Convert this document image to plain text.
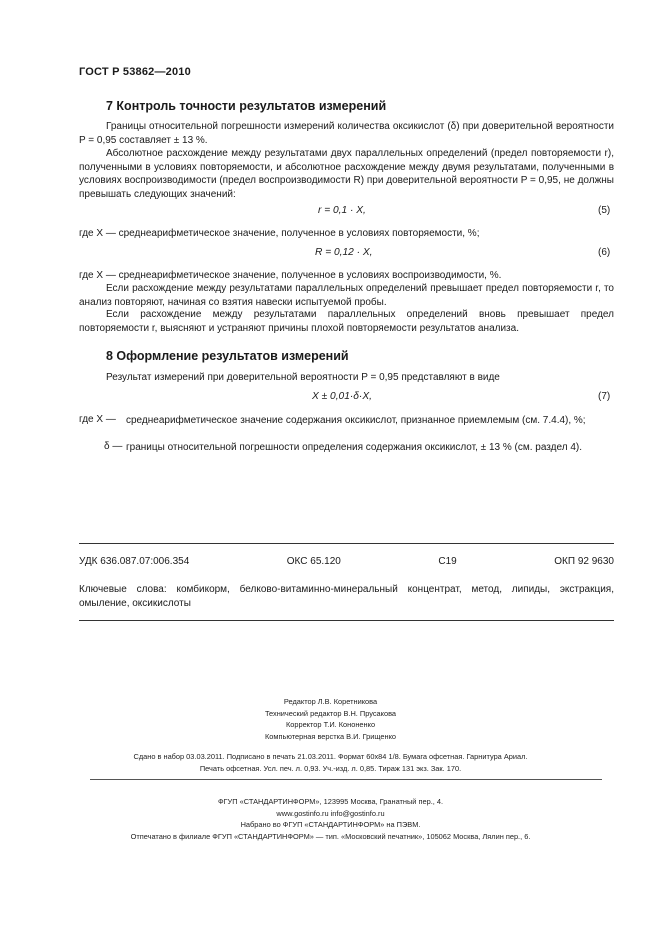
ГОСТ Р 53862—2010
7 Контроль точности результатов измерений
Границы относительной погрешности измерений количества оксикислот (δ) при доверительной вероятности P = 0,95 составляет ± 13 %.
Абсолютное расхождение между результатами двух параллельных определений (предел повторяемости r), полученными в условиях повторяемости, и абсолютное расхождение между двумя результатами, полученными в условиях воспроизводимости (предел воспроизводимости R) при доверительной вероятности P = 0,95, не должны превышать следующих значений:
r = 0,1 · X,	(5)
где X — среднеарифметическое значение, полученное в условиях повторяемости, %;
R = 0,12 · X,	(6)
где X — среднеарифметическое значение, полученное в условиях воспроизводимости, %.
Если расхождение между результатами параллельных определений превышает предел повторяемости r, то анализ повторяют, начиная со взятия навески испытуемой пробы.
Если расхождение между результатами параллельных определений вновь превышает предел повторяемости r, выясняют и устраняют причины плохой повторяемости результатов анализа.
8 Оформление результатов измерений
Результат измерений при доверительной вероятности P = 0,95 представляют в виде
X ± 0,01·δ·X,	(7)
где X — среднеарифметическое значение содержания оксикислот, признанное приемлемым (см. 7.4.4), %;
δ — границы относительной погрешности определения содержания оксикислот, ± 13 % (см. раздел 4).
УДК 636.087.07:006.354	ОКС 65.120	С19	ОКП 92 9630
Ключевые слова: комбикорм, белково-витаминно-минеральный концентрат, метод, липиды, экстракция, омыление, оксикислоты
Редактор Л.В. Коретникова
Технический редактор В.Н. Прусакова
Корректор Т.И. Кононенко
Компьютерная верстка В.И. Грищенко
Сдано в набор 03.03.2011. Подписано в печать 21.03.2011. Формат 60x84 1/8. Бумага офсетная. Гарнитура Ариал.
Печать офсетная. Усл. печ. л. 0,93. Уч.-изд. л. 0,85. Тираж 131 экз. Зак. 170.
ФГУП «СТАНДАРТИНФОРМ», 123995 Москва, Гранатный пер., 4.
www.gostinfo.ru info@gostinfo.ru
Набрано во ФГУП «СТАНДАРТИНФОРМ» на ПЭВМ.
Отпечатано в филиале ФГУП «СТАНДАРТИНФОРМ» — тип. «Московский печатник», 105062 Москва, Лялин пер., 6.
